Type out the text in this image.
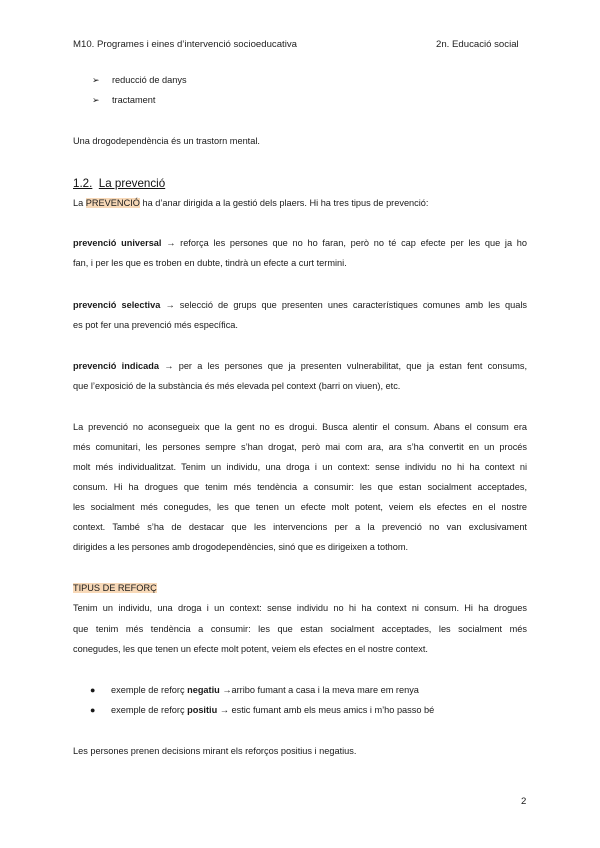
M10. Programes i eines d’intervenció socioeducativa	2n. Educació social
➢ reducció de danys
➢ tractament
Una drogodependència és un trastorn mental.
1.2. La prevenció
La PREVENCIÓ ha d’anar dirigida a la gestió dels plaers. Hi ha tres tipus de prevenció:
prevenció universal → reforça les persones que no ho faran, però no té cap efecte per les que ja ho
fan, i per les que es troben en dubte, tindrà un efecte a curt termini.
prevenció selectiva → selecció de grups que presenten unes característiques comunes amb les quals
es pot fer una prevenció més específica.
prevenció indicada → per a les persones que ja presenten vulnerabilitat, que ja estan fent consums,
que l’exposició de la substància és més elevada pel context (barri on viuen), etc.
La prevenció no aconsegueix que la gent no es drogui. Busca alentir el consum. Abans el consum era
més comunitari, les persones sempre s’han drogat, però mai com ara, ara s’ha convertit en un procés
molt més individualitzat. Tenim un individu, una droga i un context: sense individu no hi ha context ni
consum. Hi ha drogues que tenim més tendència a consumir: les que estan socialment acceptades,
les socialment més conegudes, les que tenen un efecte molt potent, veiem els efectes en el nostre
context. També s’ha de destacar que les intervencions per a la prevenció no van exclusivament
dirigides a les persones amb drogodependències, sinó que es dirigeixen a tothom.
TIPUS DE REFORÇ
Tenim un individu, una droga i un context: sense individu no hi ha context ni consum. Hi ha drogues
que tenim més tendència a consumir: les que estan socialment acceptades, les socialment més
conegudes, les que tenen un efecte molt potent, veiem els efectes en el nostre context.
● exemple de reforç negatiu →arribo fumant a casa i la meva mare em renya
● exemple de reforç positiu → estic fumant amb els meus amics i m’ho passo bé
Les persones prenen decisions mirant els reforços positius i negatius.
2
